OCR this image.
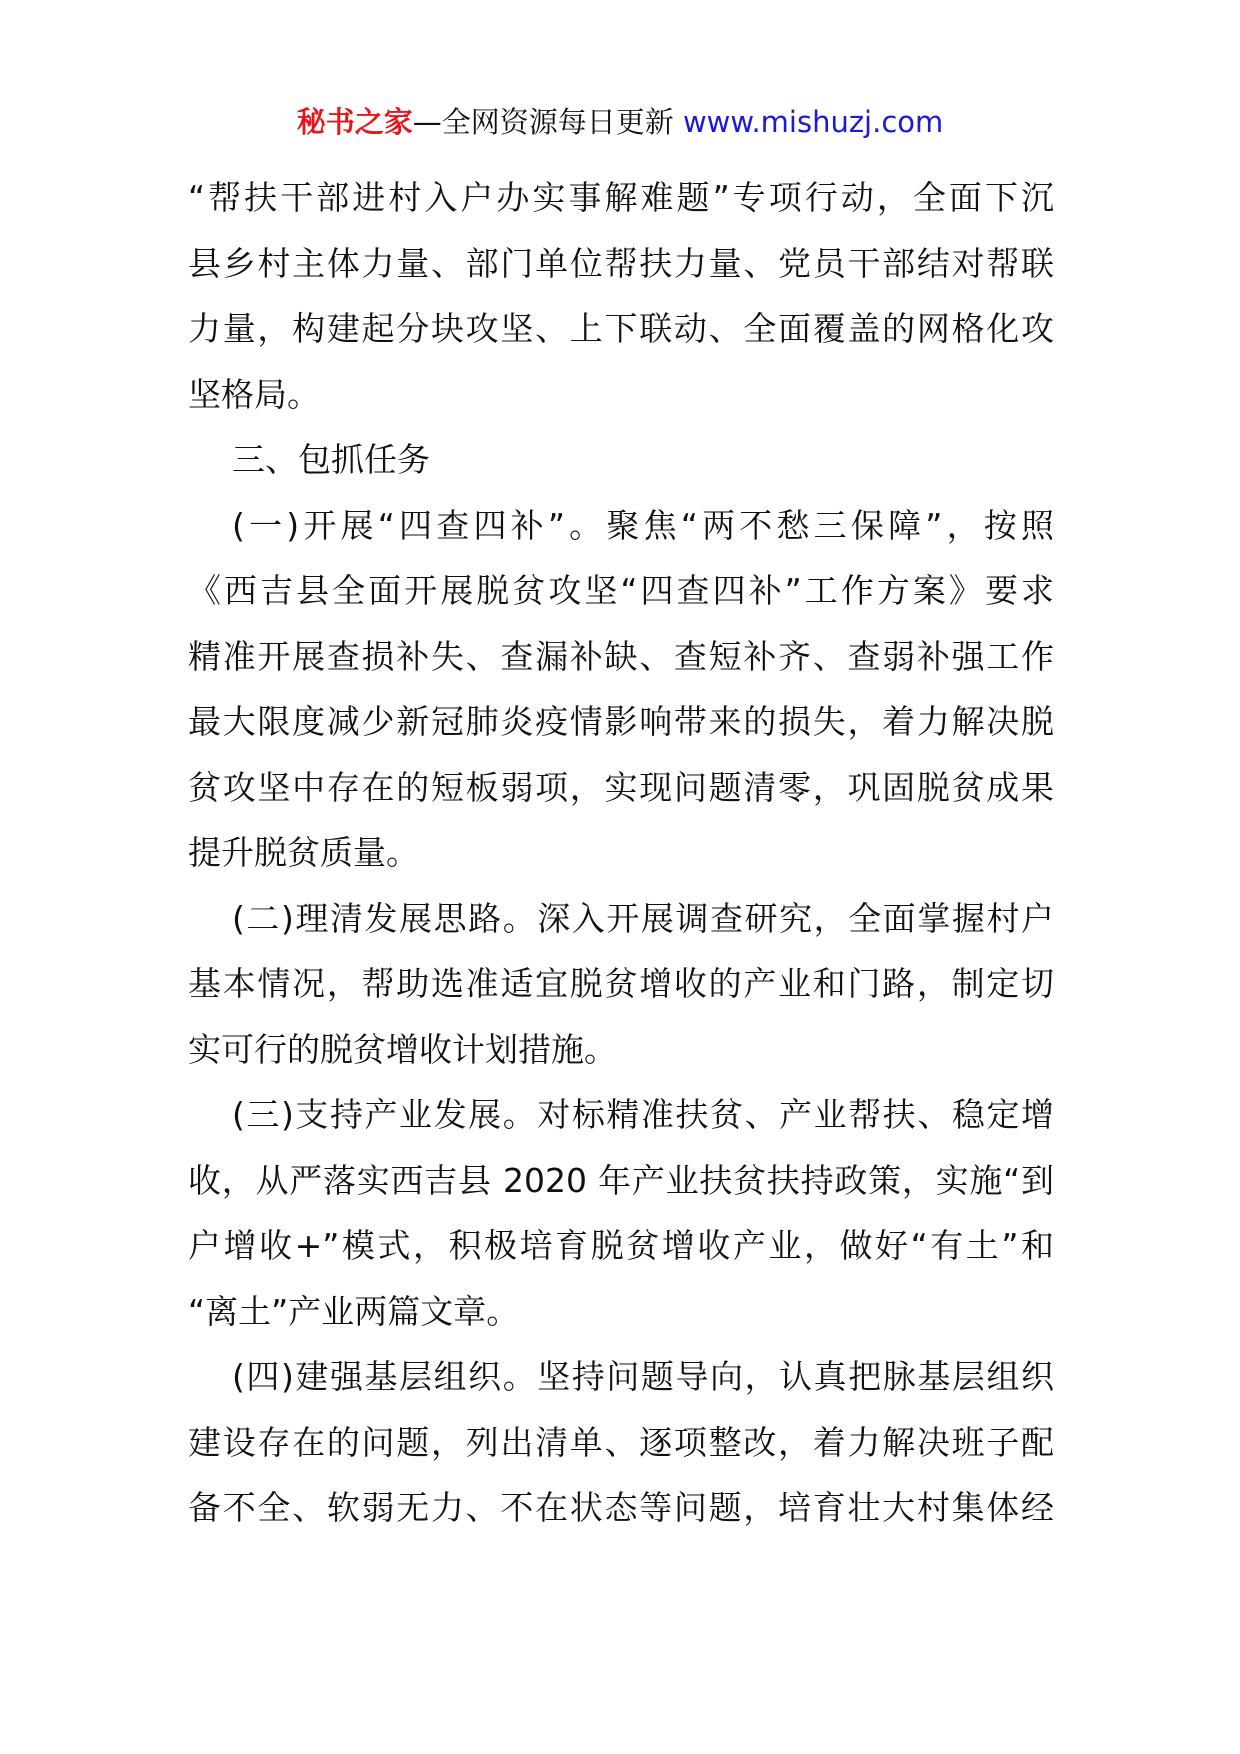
秘书之家—全网资源每日更新 www.mishuzj.com
“帮扶干部进村入户办实事解难题”专项行动，全面下沉
县乡村主体力量、部门单位帮扶力量、党员干部结对帮联
力量，构建起分块攻坚、上下联动、全面覆盖的网格化攻
坚格局。
三、包抓任务
(一)开展“四查四补”。聚焦“两不愁三保障”，按照
《西吉县全面开展脱贫攻坚“四查四补”工作方案》要求
精准开展查损补失、查漏补缺、查短补齐、查弱补强工作
最大限度减少新冠肺炎疫情影响带来的损失，着力解决脱
贫攻坚中存在的短板弱项，实现问题清零，巩固脱贫成果
提升脱贫质量。
(二)理清发展思路。深入开展调查研究，全面掌握村户
基本情况，帮助选准适宜脱贫增收的产业和门路，制定切
实可行的脱贫增收计划措施。
(三)支持产业发展。对标精准扶贫、产业帮扶、稳定增
收，从严落实西吉县 2020 年产业扶贫扶持政策，实施“到
户增收+”模式，积极培育脱贫增收产业，做好“有土”和
“离土”产业两篇文章。
(四)建强基层组织。坚持问题导向，认真把脉基层组织
建设存在的问题，列出清单、逐项整改，着力解决班子配
备不全、软弱无力、不在状态等问题，培育壮大村集体经
